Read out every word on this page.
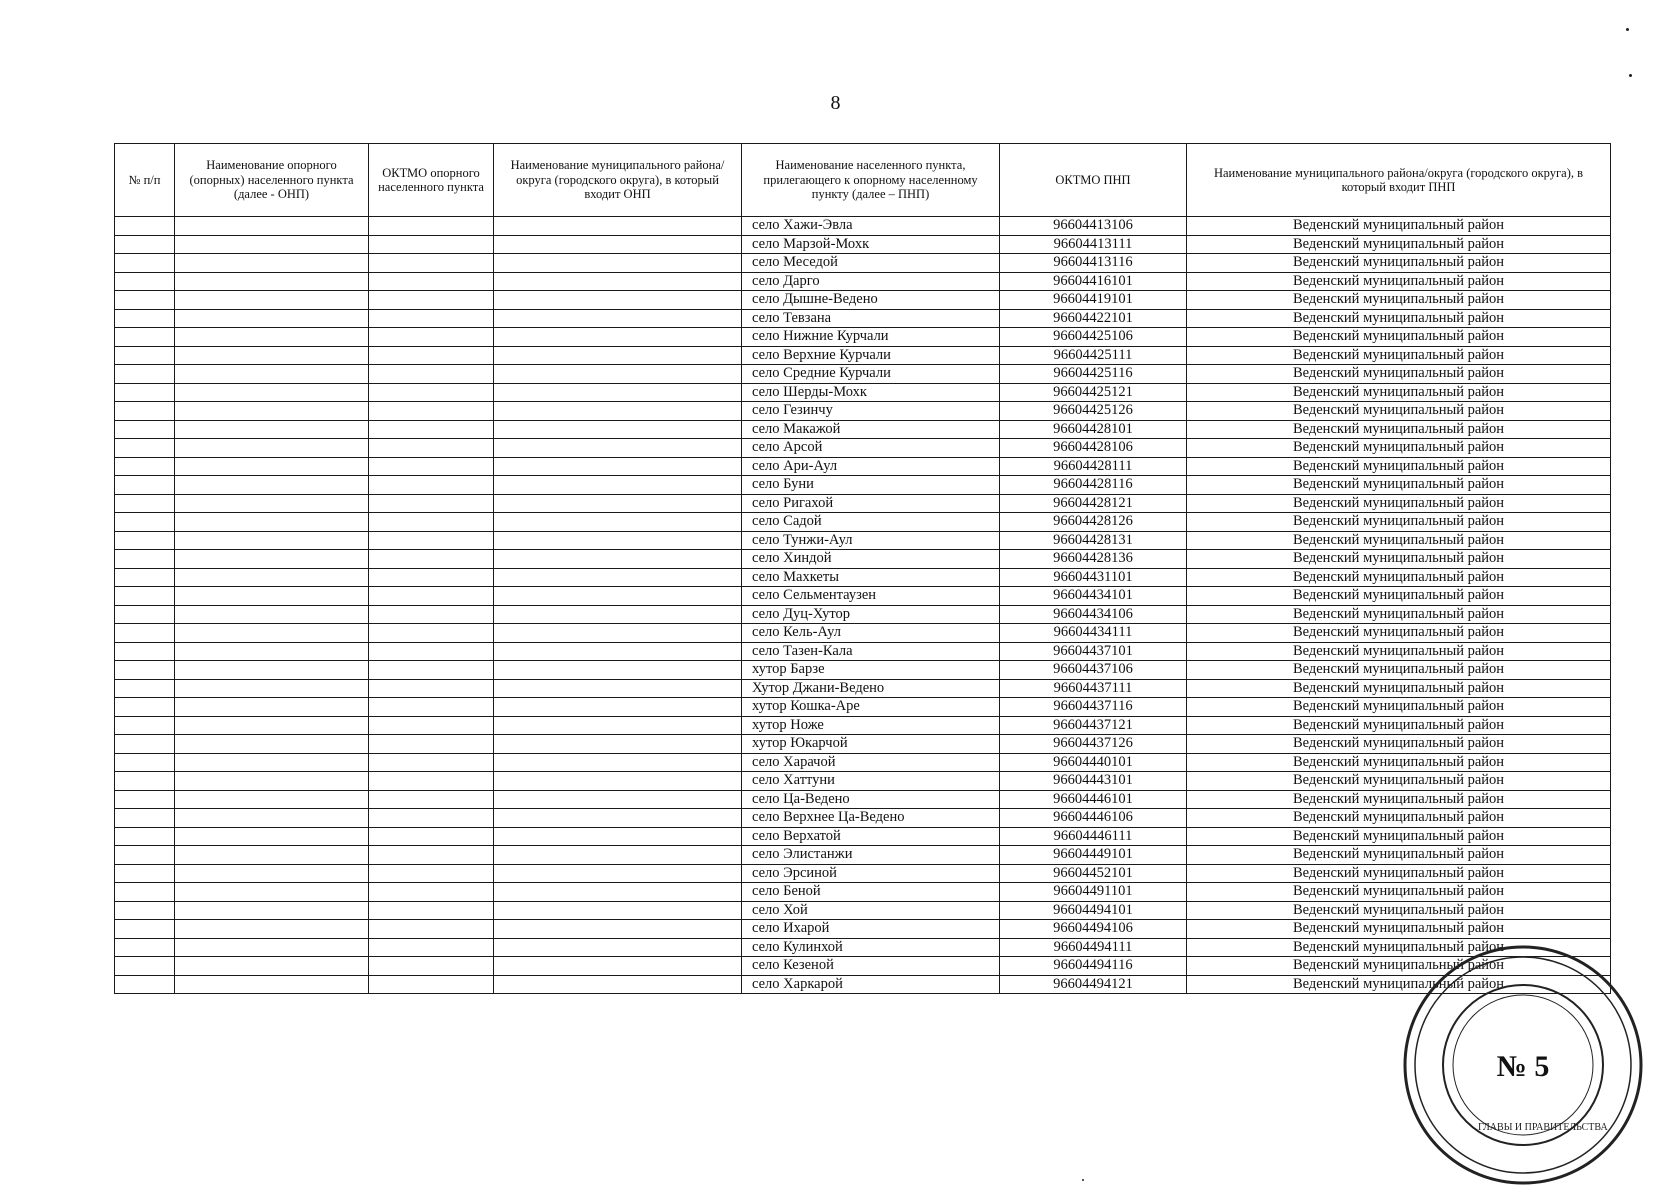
8
№ п/п	Наименование опорного (опорных) населенного пункта (далее - ОНП)	ОКТМО опорного населенного пункта	Наименование муниципального района/округа (городского округа), в который входит ОНП	Наименование населенного пункта, прилегающего к опорному населенному пункту (далее – ПНП)	ОКТМО ПНП	Наименование муниципального района/округа (городского округа), в который входит ПНП
				село Хажи-Эвла	96604413106	Веденский муниципальный район
				село Марзой-Мохк	96604413111	Веденский муниципальный район
				село Меседой	96604413116	Веденский муниципальный район
				село Дарго	96604416101	Веденский муниципальный район
				село Дышне-Ведено	96604419101	Веденский муниципальный район
				село Тевзана	96604422101	Веденский муниципальный район
				село Нижние Курчали	96604425106	Веденский муниципальный район
				село Верхние Курчали	96604425111	Веденский муниципальный район
				село Средние Курчали	96604425116	Веденский муниципальный район
				село Шерды-Мохк	96604425121	Веденский муниципальный район
				село Гезинчу	96604425126	Веденский муниципальный район
				село Макажой	96604428101	Веденский муниципальный район
				село Арсой	96604428106	Веденский муниципальный район
				село Ари-Аул	96604428111	Веденский муниципальный район
				село Буни	96604428116	Веденский муниципальный район
				село Ригахой	96604428121	Веденский муниципальный район
				село Садой	96604428126	Веденский муниципальный район
				село Тунжи-Аул	96604428131	Веденский муниципальный район
				село Хиндой	96604428136	Веденский муниципальный район
				село Махкеты	96604431101	Веденский муниципальный район
				село Сельментаузен	96604434101	Веденский муниципальный район
				село Дуц-Хутор	96604434106	Веденский муниципальный район
				село Кель-Аул	96604434111	Веденский муниципальный район
				село Тазен-Кала	96604437101	Веденский муниципальный район
				хутор Барзе	96604437106	Веденский муниципальный район
				Хутор Джани-Ведено	96604437111	Веденский муниципальный район
				хутор Кошка-Аре	96604437116	Веденский муниципальный район
				хутор Ноже	96604437121	Веденский муниципальный район
				хутор Юкарчой	96604437126	Веденский муниципальный район
				село Харачой	96604440101	Веденский муниципальный район
				село Хаттуни	96604443101	Веденский муниципальный район
				село Ца-Ведено	96604446101	Веденский муниципальный район
				село Верхнее Ца-Ведено	96604446106	Веденский муниципальный район
				село Верхатой	96604446111	Веденский муниципальный район
				село Элистанжи	96604449101	Веденский муниципальный район
				село Эрсиной	96604452101	Веденский муниципальный район
				село Беной	96604491101	Веденский муниципальный район
				село Хой	96604494101	Веденский муниципальный район
				село Ихарой	96604494106	Веденский муниципальный район
				село Кулинхой	96604494111	Веденский муниципальный район
				село Кезеной	96604494116	Веденский муниципальный район
				село Харкарой	96604494121	Веденский муниципальный район
№ 5
ГЛАВЫ И ПРАВИТЕЛЬСТВА
